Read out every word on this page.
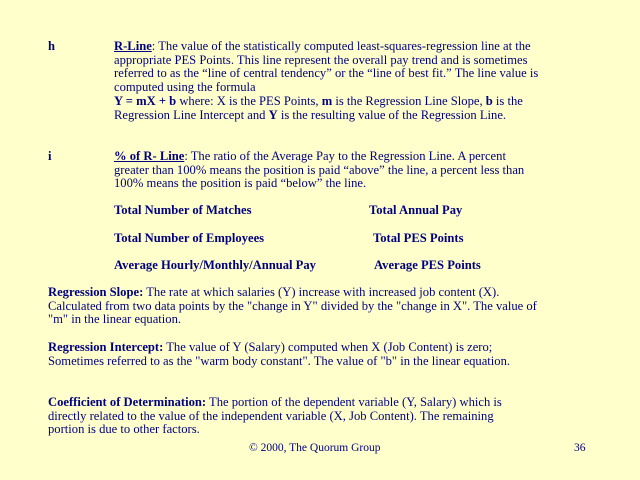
h	R-Line: The value of the statistically computed least-squares-regression line at the appropriate PES Points. This line represent the overall pay trend and is sometimes referred to as the “line of central tendency” or the “line of best fit.” The line value is computed using the formula
Y = mX + b where: X is the PES Points, m is the Regression Line Slope, b is the Regression Line Intercept and Y is the resulting value of the Regression Line.
i	% of R- Line: The ratio of the Average Pay to the Regression Line. A percent greater than 100% means the position is paid “above” the line, a percent less than 100% means the position is paid “below” the line.
Total Number of Matches	Total Annual Pay
Total Number of Employees	Total PES Points
Average Hourly/Monthly/Annual Pay	Average PES Points
Regression Slope: The rate at which salaries (Y) increase with increased job content (X). Calculated from two data points by the "change in Y" divided by the "change in X". The value of "m" in the linear equation.
Regression Intercept: The value of Y (Salary) computed when X (Job Content) is zero; Sometimes referred to as the "warm body constant". The value of "b" in the linear equation.
Coefficient of Determination: The portion of the dependent variable (Y, Salary) which is directly related to the value of the independent variable (X, Job Content). The remaining portion is due to other factors.
© 2000, The Quorum Group	36
